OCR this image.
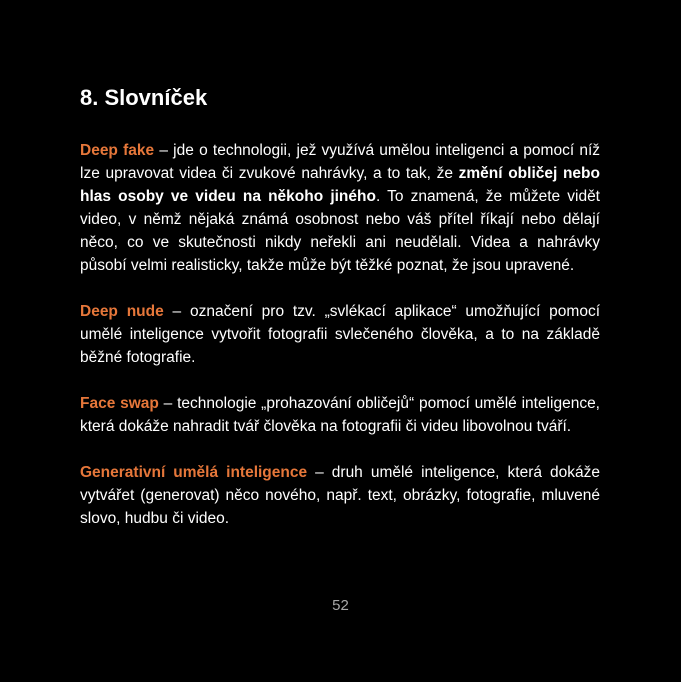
8. Slovníček

Deep fake – jde o technologii, jež využívá umělou inteligenci a pomocí níž lze upravovat videa či zvukové nahrávky, a to tak, že změní obličej nebo hlas osoby ve videu na někoho jiného. To znamená, že můžete vidět video, v němž nějaká známá osobnost nebo váš přítel říkají nebo dělají něco, co ve skutečnosti nikdy neřekli ani neudělali. Videa a nahrávky působí velmi realisticky, takže může být těžké poznat, že jsou upravené.

Deep nude – označení pro tzv. „svlékací aplikace“ umožňující pomocí umělé inteligence vytvořit fotografii svlečeného člověka, a to na základě běžné fotografie.

Face swap – technologie „prohazování obličejů“ pomocí umělé inteligence, která dokáže nahradit tvář člověka na fotografii či videu libovolnou tváří.

Generativní umělá inteligence – druh umělé inteligence, která dokáže vytvářet (generovat) něco nového, např. text, obrázky, fotografie, mluvené slovo, hudbu či video.

52
